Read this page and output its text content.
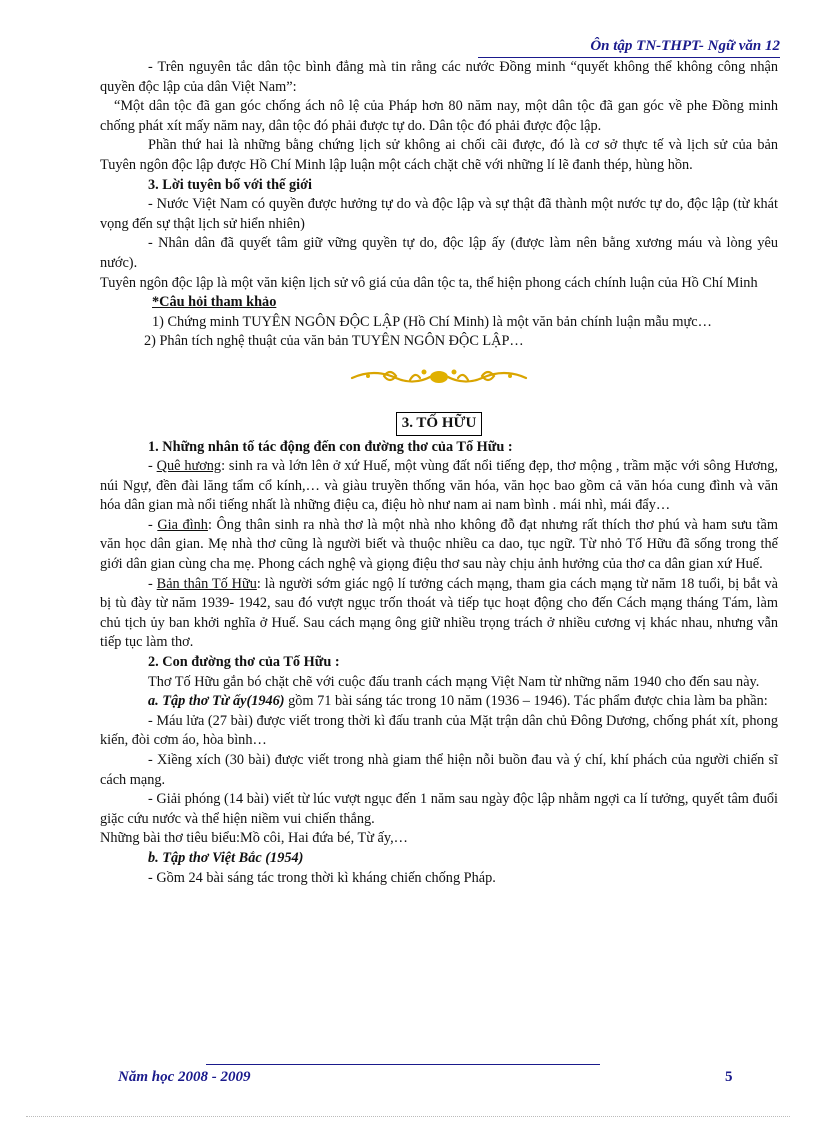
Ôn tập TN-THPT- Ngữ văn 12

- Trên nguyên tắc dân tộc bình đẳng mà tin rằng các nước Đồng minh “quyết không thể không công nhận quyền độc lập của dân Việt Nam”:

“Một dân tộc đã gan góc chống ách nô lệ của Pháp hơn 80 năm nay, một dân tộc đã gan góc về phe Đồng minh chống phát xít mấy năm nay, dân tộc đó phải được tự do. Dân tộc đó phải được độc lập.

Phần thứ hai là những bằng chứng lịch sử không ai chối cãi được, đó là cơ sở thực tế và lịch sử của bản Tuyên ngôn độc lập được Hồ Chí Minh lập luận một cách chặt chẽ với những lí lẽ đanh thép, hùng hồn.

3. Lời tuyên bố với thế giới

- Nước Việt Nam có quyền được hưởng tự do và độc lập và sự thật đã thành một nước tự do, độc lập (từ khát vọng đến sự thật lịch sử hiển nhiên)

- Nhân dân đã quyết tâm giữ vững quyền tự do, độc lập ấy (được làm nên bằng xương máu và lòng yêu nước).

Tuyên ngôn độc lập là một văn kiện lịch sử vô giá của dân tộc ta, thể hiện phong cách chính luận của Hồ Chí Minh

*Câu hỏi tham khảo

1) Chứng minh TUYÊN NGÔN ĐỘC LẬP (Hồ Chí Minh) là một văn bản chính luận mẫu mực…

2) Phân tích nghệ thuật của văn bản TUYÊN NGÔN ĐỘC LẬP…

3. TỐ HỮU

1. Những nhân tố tác động đến con đường thơ của Tố Hữu :

- Quê hương: sinh ra và lớn lên ở xứ Huế, một vùng đất nổi tiếng đẹp, thơ mộng , trầm mặc với sông Hương, núi Ngự, đền đài lăng tẩm cổ kính,… và giàu truyền thống văn hóa, văn học bao gồm cả văn hóa cung đình và văn hóa dân gian mà nổi tiếng nhất là những điệu ca, điệu hò như nam ai nam bình . mái nhì, mái đẩy…

- Gia đình: Ông thân sinh ra nhà thơ là một nhà nho không đỗ đạt nhưng rất thích thơ phú và ham sưu tầm văn học dân gian. Mẹ nhà thơ cũng là người biết và thuộc nhiều ca dao, tục ngữ. Từ nhỏ Tố Hữu đã sống trong thế giới dân gian cùng cha mẹ. Phong cách nghệ và giọng điệu thơ sau này chịu ảnh hưởng của thơ ca dân gian xứ Huế.

- Bản thân Tố Hữu: là người sớm giác ngộ lí tưởng cách mạng, tham gia cách mạng từ năm 18 tuổi, bị bắt và bị tù đày từ năm 1939- 1942, sau đó vượt ngục trốn thoát và tiếp tục hoạt động cho đến Cách mạng tháng Tám, làm chủ tịch ủy ban khởi nghĩa ở Huế. Sau cách mạng ông giữ nhiều trọng trách ở nhiều cương vị khác nhau, nhưng vẫn tiếp tục làm thơ.

2. Con đường thơ của Tố Hữu :

Thơ Tố Hữu gắn bó chặt chẽ với cuộc đấu tranh cách mạng Việt Nam từ những năm 1940 cho đến sau này.

a. Tập thơ Từ ấy(1946) gồm 71 bài sáng tác trong 10 năm (1936 – 1946). Tác phẩm được chia làm ba phần:

- Máu lửa (27 bài) được viết trong thời kì đấu tranh của Mặt trận dân chủ Đông Dương, chống phát xít, phong kiến, đòi cơm áo, hòa bình…

- Xiềng xích (30 bài) được viết trong nhà giam thể hiện nỗi buồn đau và ý chí, khí phách của người chiến sĩ cách mạng.

- Giải phóng (14 bài) viết từ lúc vượt ngục đến 1 năm sau ngày độc lập nhằm ngợi ca lí tưởng, quyết tâm đuổi giặc cứu nước và thể hiện niềm vui chiến thắng.

Những bài thơ tiêu biểu:Mồ côi, Hai đứa bé, Từ ấy,…

b. Tập thơ Việt Bắc (1954)

- Gồm 24 bài sáng tác trong thời kì kháng chiến chống Pháp.

Năm học 2008 - 2009	5
